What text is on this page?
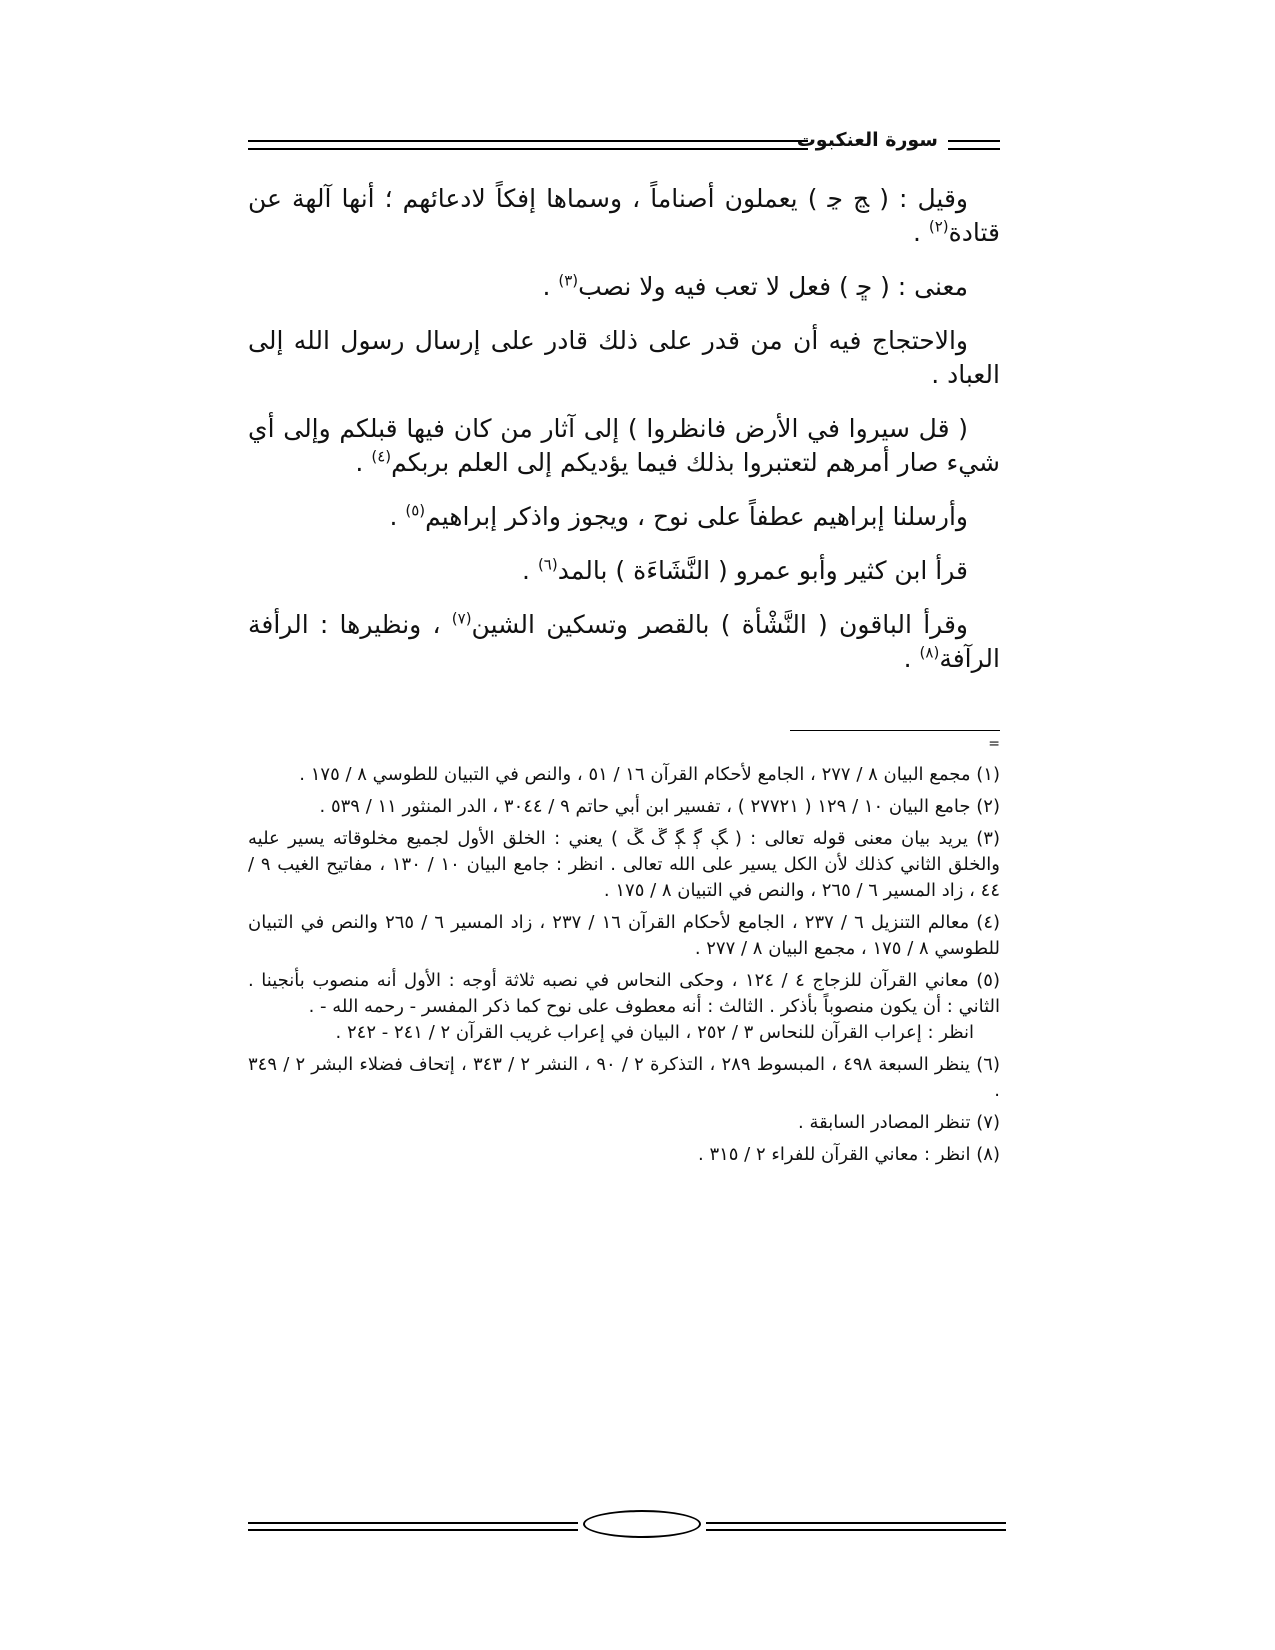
سورة العنكبوت

وقيل : ( ﭷ ﭸ ) يعملون أصناماً ، وسماها إفكاً لادعائهم ؛ أنها آلهة عن قتادة$^{(٢)}$ .

معنى : ( ﮀ ) فعل لا تعب فيه ولا نصب$^{(٣)}$ .

والاحتجاج فيه أن من قدر على ذلك قادر على إرسال رسول الله إلى العباد .

( قل سيروا في الأرض فانظروا ) إلى آثار من كان فيها قبلكم وإلى أي شيء صار أمرهم لتعتبروا بذلك فيما يؤديكم إلى العلم بربكم$^{(٤)}$ .

وأرسلنا إبراهيم عطفاً على نوح ، ويجوز واذكر إبراهيم$^{(٥)}$ .

قرأ ابن كثير وأبو عمرو ( النَّشَاءَة ) بالمد$^{(٦)}$ .

وقرأ الباقون ( النَّشْأة ) بالقصر وتسكين الشين$^{(٧)}$ ، ونظيرها : الرأفة الرآفة$^{(٨)}$ .

=

(١) مجمع البيان ٨ / ٢٧٧ ، الجامع لأحكام القرآن ١٦ / ٥١ ، والنص في التبيان للطوسي ٨ / ١٧٥ .

(٢) جامع البيان ١٠ / ١٢٩ ( ٢٧٧٢١ ) ، تفسير ابن أبي حاتم ٩ / ٣٠٤٤ ، الدر المنثور ١١ / ٥٣٩ .

(٣) يريد بيان معنى قوله تعالى : ( ﮗ ﮘ ﮙ ﮚ ﮛ ) يعني : الخلق الأول لجميع مخلوقاته يسير عليه والخلق الثاني كذلك لأن الكل يسير على الله تعالى . انظر : جامع البيان ١٠ / ١٣٠ ، مفاتيح الغيب ٩ / ٤٤ ، زاد المسير ٦ / ٢٦٥ ، والنص في التبيان ٨ / ١٧٥ .

(٤) معالم التنزيل ٦ / ٢٣٧ ، الجامع لأحكام القرآن ١٦ / ٢٣٧ ، زاد المسير ٦ / ٢٦٥ والنص في التبيان للطوسي ٨ / ١٧٥ ، مجمع البيان ٨ / ٢٧٧ .

(٥) معاني القرآن للزجاج ٤ / ١٢٤ ، وحكى النحاس في نصبه ثلاثة أوجه : الأول أنه منصوب بأنجينا . الثاني : أن يكون منصوباً بأذكر . الثالث : أنه معطوف على نوح كما ذكر المفسر - رحمه الله - .
انظر : إعراب القرآن للنحاس ٣ / ٢٥٢ ، البيان في إعراب غريب القرآن ٢ / ٢٤١ - ٢٤٢ .

(٦) ينظر السبعة ٤٩٨ ، المبسوط ٢٨٩ ، التذكرة ٢ / ٩٠ ، النشر ٢ / ٣٤٣ ، إتحاف فضلاء البشر ٢ / ٣٤٩ .

(٧) تنظر المصادر السابقة .

(٨) انظر : معاني القرآن للفراء ٢ / ٣١٥ .
